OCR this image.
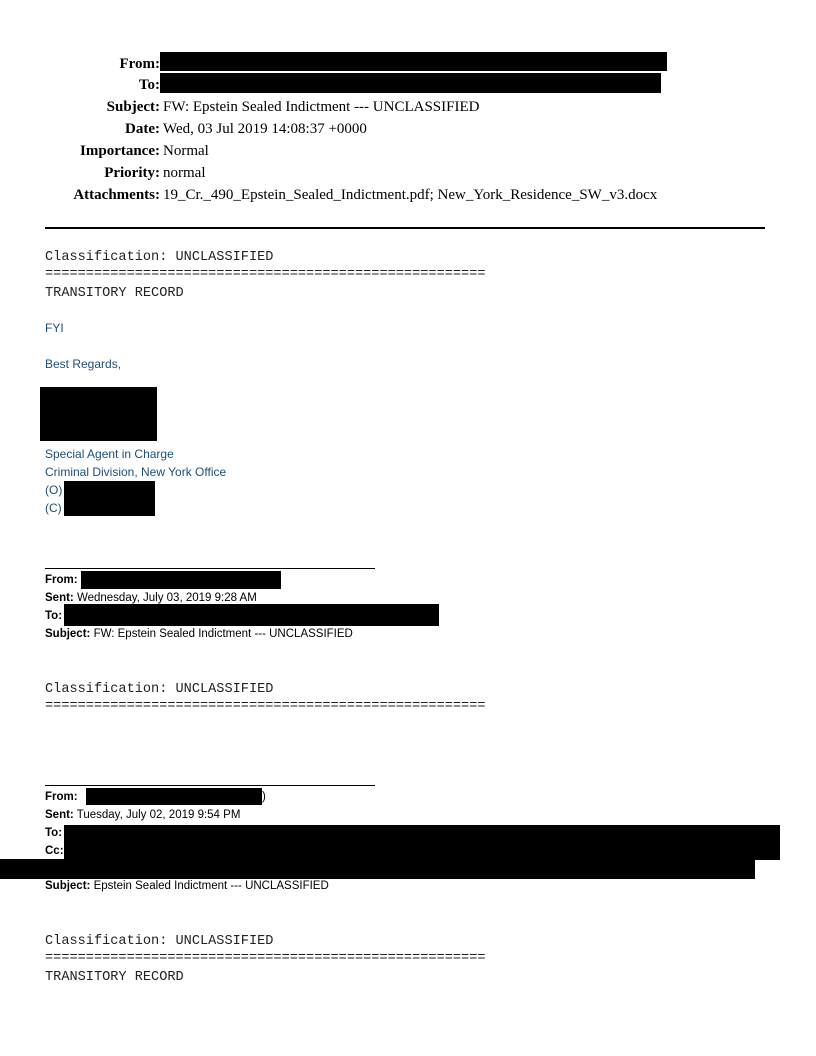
From:
To:
Subject: FW: Epstein Sealed Indictment --- UNCLASSIFIED
Date: Wed, 03 Jul 2019 14:08:37 +0000
Importance: Normal
Priority: normal
Attachments: 19_Cr._490_Epstein_Sealed_Indictment.pdf; New_York_Residence_SW_v3.docx
Classification: UNCLASSIFIED
======================================================
TRANSITORY RECORD
FYI
Best Regards,
Special Agent in Charge
Criminal Division, New York Office
(O)
(C)
From:
Sent: Wednesday, July 03, 2019 9:28 AM
To:
Subject: FW: Epstein Sealed Indictment --- UNCLASSIFIED
Classification: UNCLASSIFIED
======================================================
From:	)
Sent: Tuesday, July 02, 2019 9:54 PM
To:
Cc:
Subject: Epstein Sealed Indictment --- UNCLASSIFIED
Classification: UNCLASSIFIED
======================================================
TRANSITORY RECORD
